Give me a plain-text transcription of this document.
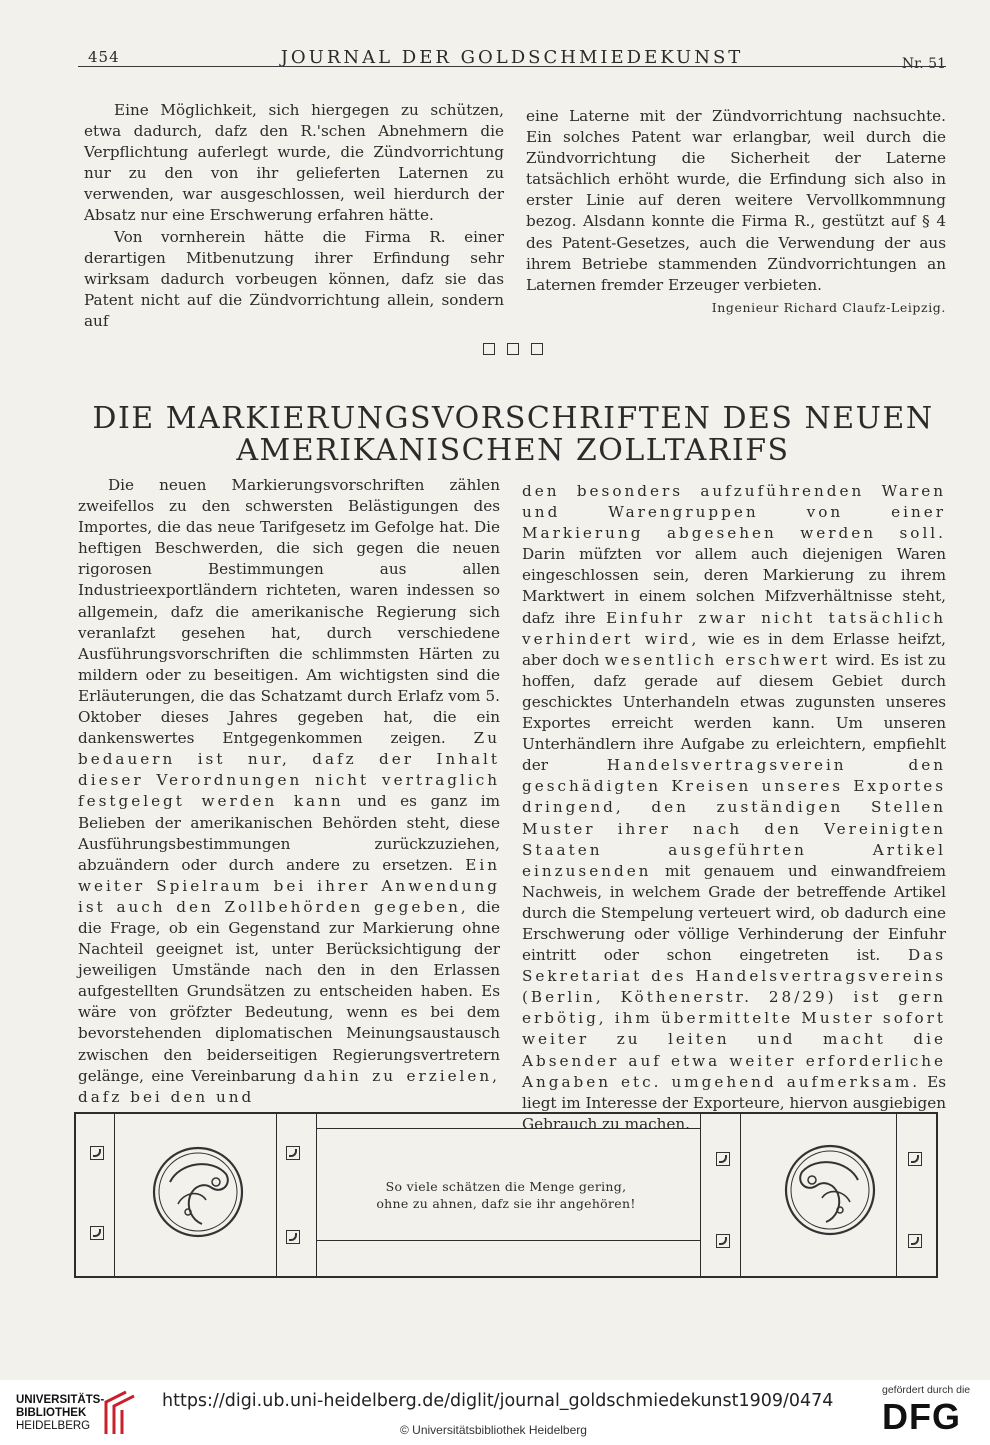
454	JOURNAL DER GOLDSCHMIEDEKUNST	Nr. 51

Eine Möglichkeit, sich hiergegen zu schützen, etwa dadurch, dafz den R.'schen Abnehmern die Verpflichtung auferlegt wurde, die Zündvorrichtung nur zu den von ihr gelieferten Laternen zu verwenden, war ausgeschlossen, weil hierdurch der Absatz nur eine Erschwerung erfahren hätte.

Von vornherein hätte die Firma R. einer derartigen Mitbenutzung ihrer Erfindung sehr wirksam dadurch vorbeugen können, dafz sie das Patent nicht auf die Zündvorrichtung allein, sondern auf

eine Laterne mit der Zündvorrichtung nachsuchte. Ein solches Patent war erlangbar, weil durch die Zündvorrichtung die Sicherheit der Laterne tatsächlich erhöht wurde, die Erfindung sich also in erster Linie auf deren weitere Vervollkommnung bezog. Alsdann konnte die Firma R., gestützt auf § 4 des Patent-Gesetzes, auch die Verwendung der aus ihrem Betriebe stammenden Zündvorrichtungen an Laternen fremder Erzeuger verbieten.

Ingenieur Richard Claufz-Leipzig.

DIE MARKIERUNGSVORSCHRIFTEN DES NEUEN
AMERIKANISCHEN ZOLLTARIFS

Die neuen Markierungsvorschriften zählen zweifellos zu den schwersten Belästigungen des Importes, die das neue Tarifgesetz im Gefolge hat. Die heftigen Beschwerden, die sich gegen die neuen rigorosen Bestimmungen aus allen Industrieexportländern richteten, waren indessen so allgemein, dafz die amerikanische Regierung sich veranlafzt gesehen hat, durch verschiedene Ausführungsvorschriften die schlimmsten Härten zu mildern oder zu beseitigen. Am wichtigsten sind die Erläuterungen, die das Schatzamt durch Erlafz vom 5. Oktober dieses Jahres gegeben hat, die ein dankenswertes Entgegenkommen zeigen. Zu bedauern ist nur, dafz der Inhalt dieser Verordnungen nicht vertraglich festgelegt werden kann und es ganz im Belieben der amerikanischen Behörden steht, diese Ausführungsbestimmungen zurückzuziehen, abzuändern oder durch andere zu ersetzen. Ein weiter Spielraum bei ihrer Anwendung ist auch den Zollbehörden gegeben, die die Frage, ob ein Gegenstand zur Markierung ohne Nachteil geeignet ist, unter Berücksichtigung der jeweiligen Umstände nach den in den Erlassen aufgestellten Grundsätzen zu entscheiden haben. Es wäre von gröfzter Bedeutung, wenn es bei dem bevorstehenden diplomatischen Meinungsaustausch zwischen den beiderseitigen Regierungsvertretern gelänge, eine Vereinbarung dahin zu erzielen, dafz bei den und

den besonders aufzuführenden Waren und Warengruppen von einer Markierung abgesehen werden soll. Darin müfzten vor allem auch diejenigen Waren eingeschlossen sein, deren Markierung zu ihrem Marktwert in einem solchen Mifzverhältnisse steht, dafz ihre Einfuhr zwar nicht tatsächlich verhindert wird, wie es in dem Erlasse heifzt, aber doch wesentlich erschwert wird. Es ist zu hoffen, dafz gerade auf diesem Gebiet durch geschicktes Unterhandeln etwas zugunsten unseres Exportes erreicht werden kann. Um unseren Unterhändlern ihre Aufgabe zu erleichtern, empfiehlt der	Handelsvertragsverein den geschädigten Kreisen unseres Exportes dringend, den zuständigen Stellen Muster ihrer nach den Vereinigten Staaten ausgeführten Artikel einzusenden mit genauem und einwandfreiem Nachweis, in welchem Grade der betreffende Artikel durch die Stempelung verteuert wird, ob dadurch eine Erschwerung oder völlige Verhinderung der Einfuhr eintritt oder schon eingetreten ist. Das Sekretariat des Handelsvertragsvereins (Berlin, Köthenerstr. 28/29) ist gern erbötig, ihm übermittelte Muster sofort weiter zu leiten und macht die Absender auf etwa weiter erforderliche Angaben etc. umgehend aufmerksam. Es liegt im Interesse der Exporteure, hiervon ausgiebigen Gebrauch zu machen.

So viele schätzen die Menge gering,
ohne zu ahnen, dafz sie ihr angehören!
UNIVERSITÄTS-
BIBLIOTHEK
HEIDELBERG
https://digi.ub.uni-heidelberg.de/diglit/journal_goldschmiedekunst1909/0474
© Universitätsbibliothek Heidelberg
gefördert durch die
DFG
